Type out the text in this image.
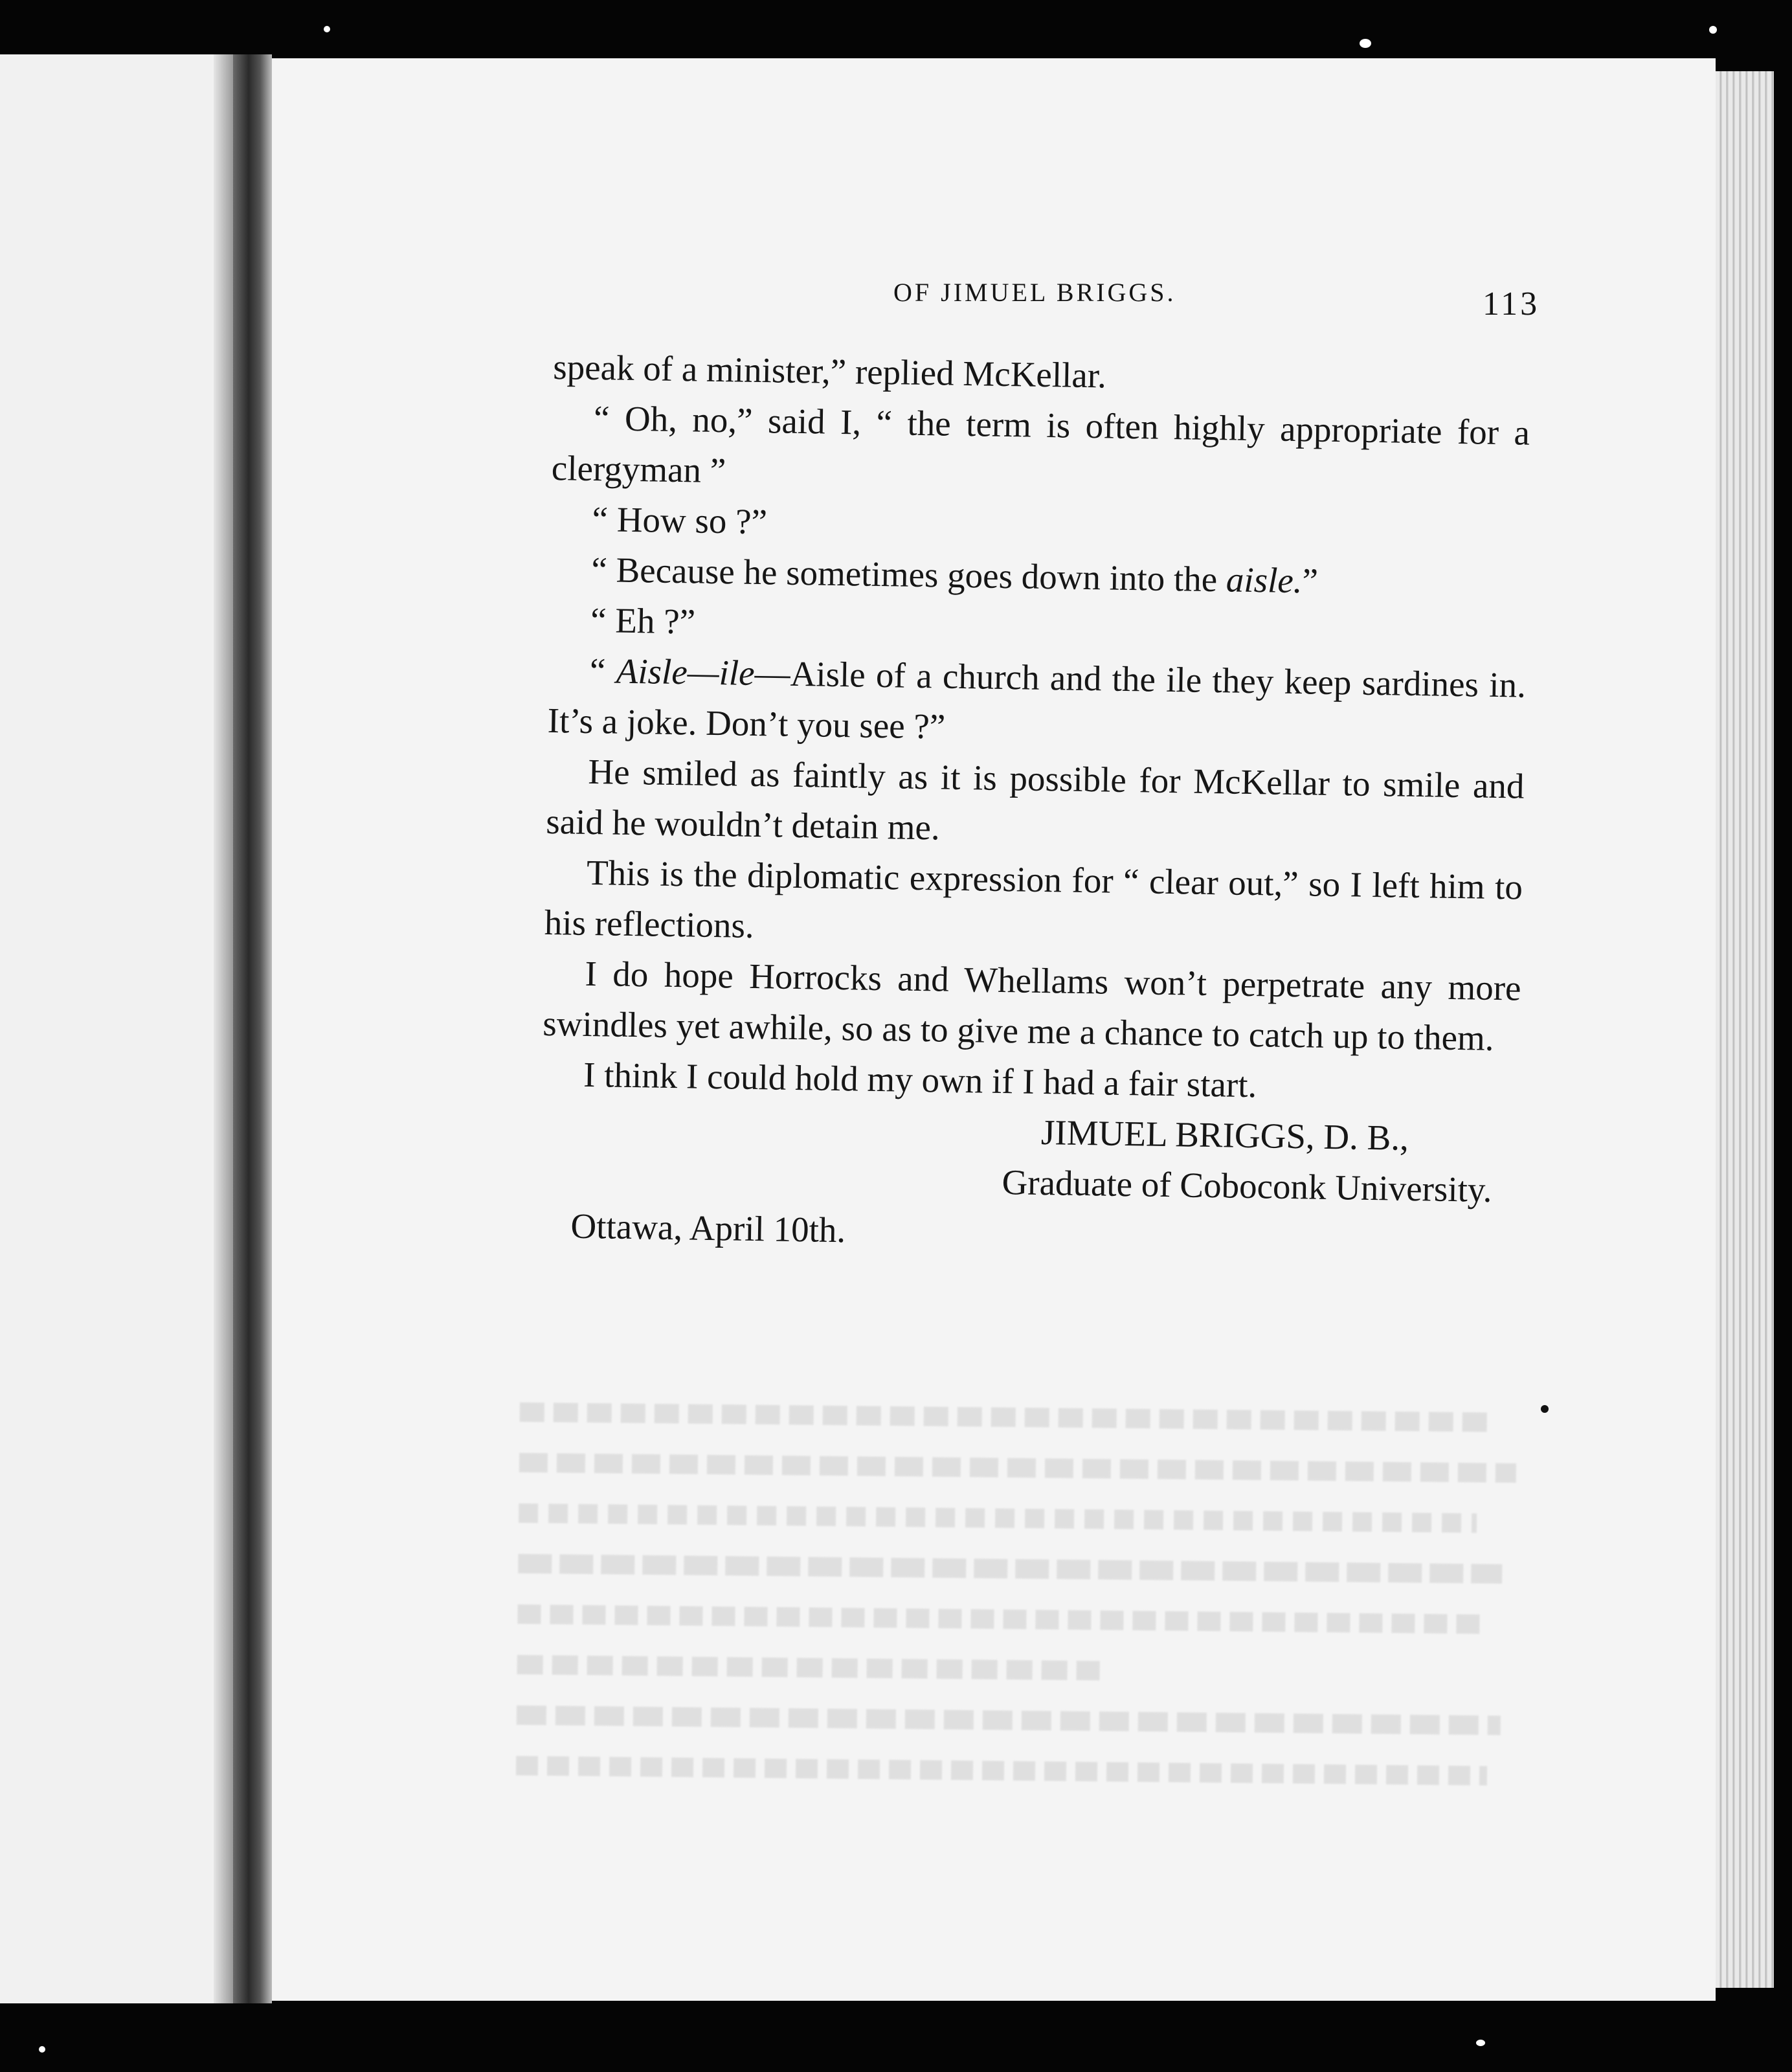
OF JIMUEL BRIGGS.	113

speak of a minister,” replied McKellar.

“ Oh, no,” said I, “ the term is often highly appropriate for a clergyman ”

“ How so ?”

“ Because he sometimes goes down into the aisle.”

“ Eh ?”

“ Aisle—ile—Aisle of a church and the ile they keep sardines in. It’s a joke. Don’t you see ?”

He smiled as faintly as it is possible for McKellar to smile and said he wouldn’t detain me.

This is the diplomatic expression for “ clear out,” so I left him to his reflections.

I do hope Horrocks and Whellams won’t perpetrate any more swindles yet awhile, so as to give me a chance to catch up to them.

I think I could hold my own if I had a fair start.

JIMUEL BRIGGS, D. B.,

Graduate of Coboconk University.

Ottawa, April 10th.
